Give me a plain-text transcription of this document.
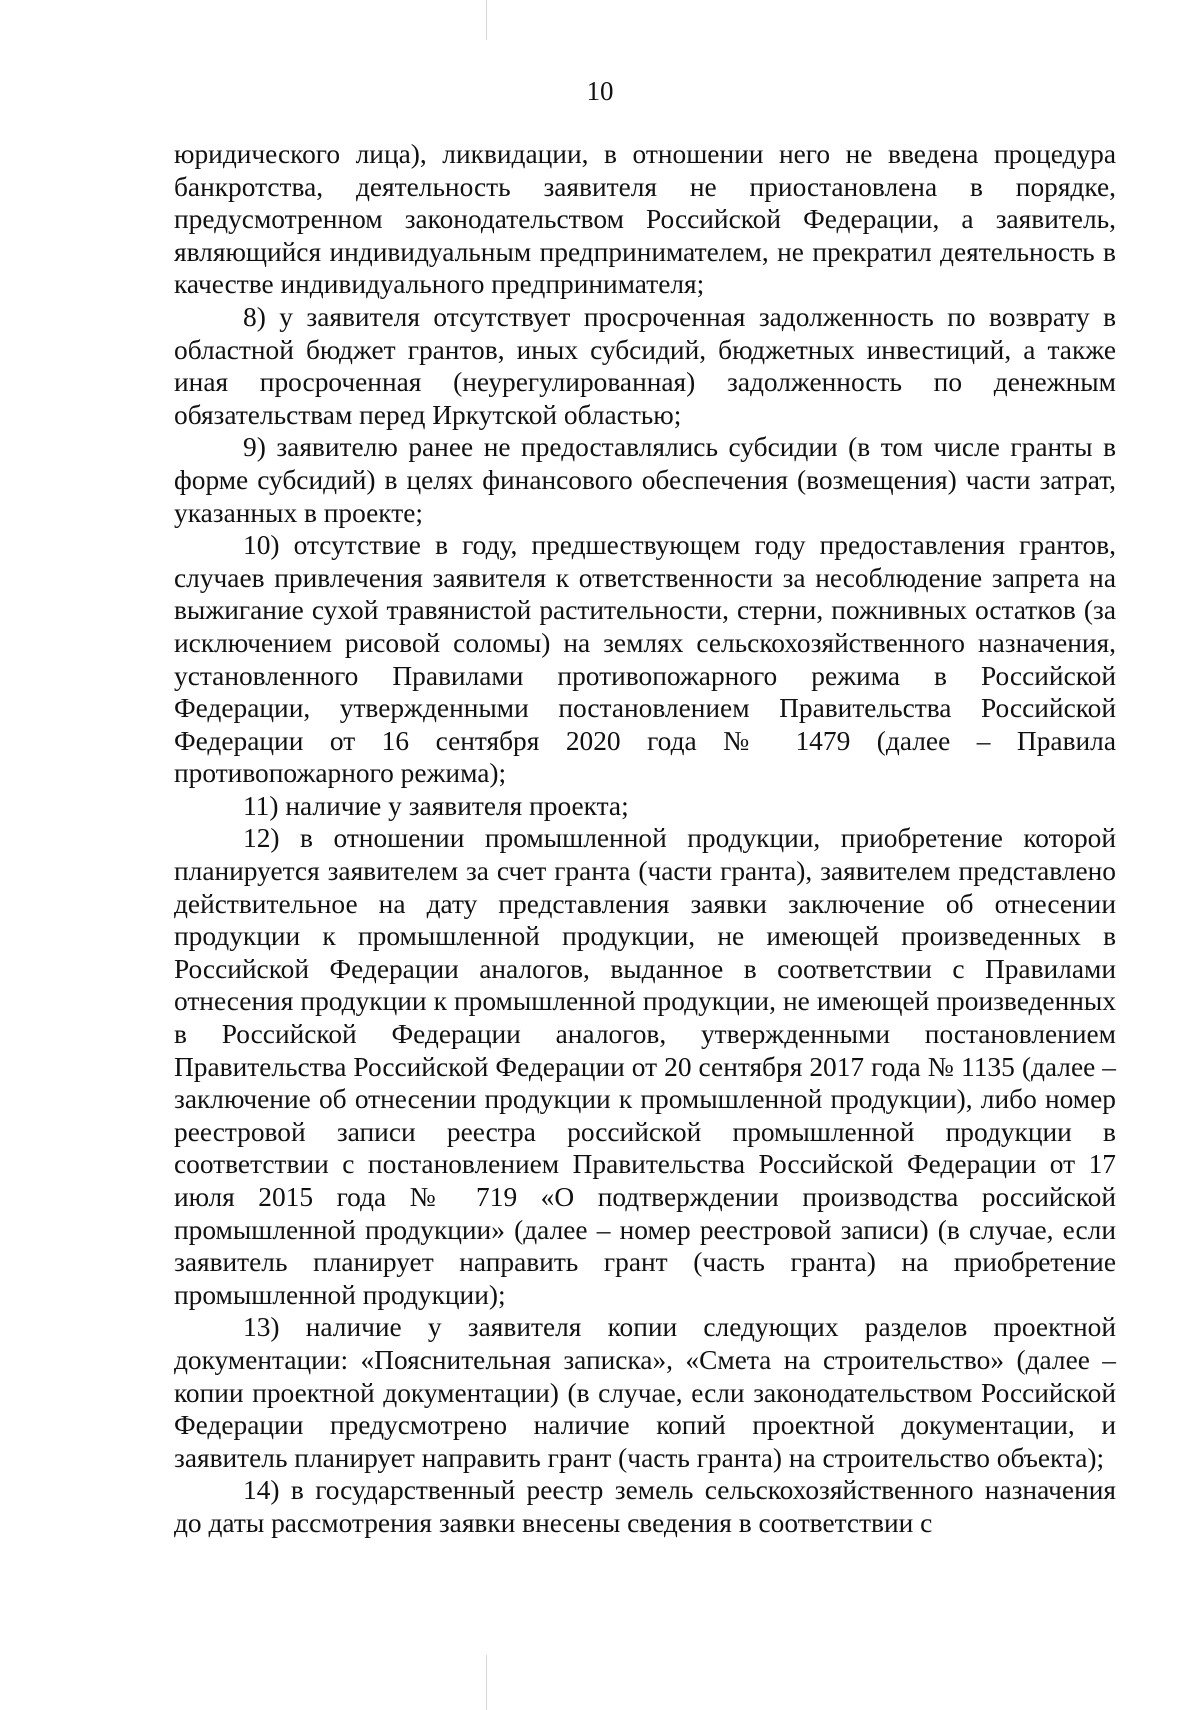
10

юридического лица), ликвидации, в отношении него не введена процедура банкротства, деятельность заявителя не приостановлена в порядке, предусмотренном законодательством Российской Федерации, а заявитель, являющийся индивидуальным предпринимателем, не прекратил деятельность в качестве индивидуального предпринимателя;

8) у заявителя отсутствует просроченная задолженность по возврату в областной бюджет грантов, иных субсидий, бюджетных инвестиций, а также иная просроченная (неурегулированная) задолженность по денежным обязательствам перед Иркутской областью;

9) заявителю ранее не предоставлялись субсидии (в том числе гранты в форме субсидий) в целях финансового обеспечения (возмещения) части затрат, указанных в проекте;

10) отсутствие в году, предшествующем году предоставления грантов, случаев привлечения заявителя к ответственности за несоблюдение запрета на выжигание сухой травянистой растительности, стерни, пожнивных остатков (за исключением рисовой соломы) на землях сельскохозяйственного назначения, установленного Правилами противопожарного режима в Российской Федерации, утвержденными постановлением Правительства Российской Федерации от 16 сентября 2020 года № 1479 (далее – Правила противопожарного режима);

11) наличие у заявителя проекта;

12) в отношении промышленной продукции, приобретение которой планируется заявителем за счет гранта (части гранта), заявителем представлено действительное на дату представления заявки заключение об отнесении продукции к промышленной продукции, не имеющей произведенных в Российской Федерации аналогов, выданное в соответствии с Правилами отнесения продукции к промышленной продукции, не имеющей произведенных в Российской Федерации аналогов, утвержденными постановлением Правительства Российской Федерации от 20 сентября 2017 года № 1135 (далее – заключение об отнесении продукции к промышленной продукции), либо номер реестровой записи реестра российской промышленной продукции в соответствии с постановлением Правительства Российской Федерации от 17 июля 2015 года № 719 «О подтверждении производства российской промышленной продукции» (далее – номер реестровой записи) (в случае, если заявитель планирует направить грант (часть гранта) на приобретение промышленной продукции);

13) наличие у заявителя копии следующих разделов проектной документации: «Пояснительная записка», «Смета на строительство» (далее – копии проектной документации) (в случае, если законодательством Российской Федерации предусмотрено наличие копий проектной документации, и заявитель планирует направить грант (часть гранта) на строительство объекта);

14) в государственный реестр земель сельскохозяйственного назначения до даты рассмотрения заявки внесены сведения в соответствии с
